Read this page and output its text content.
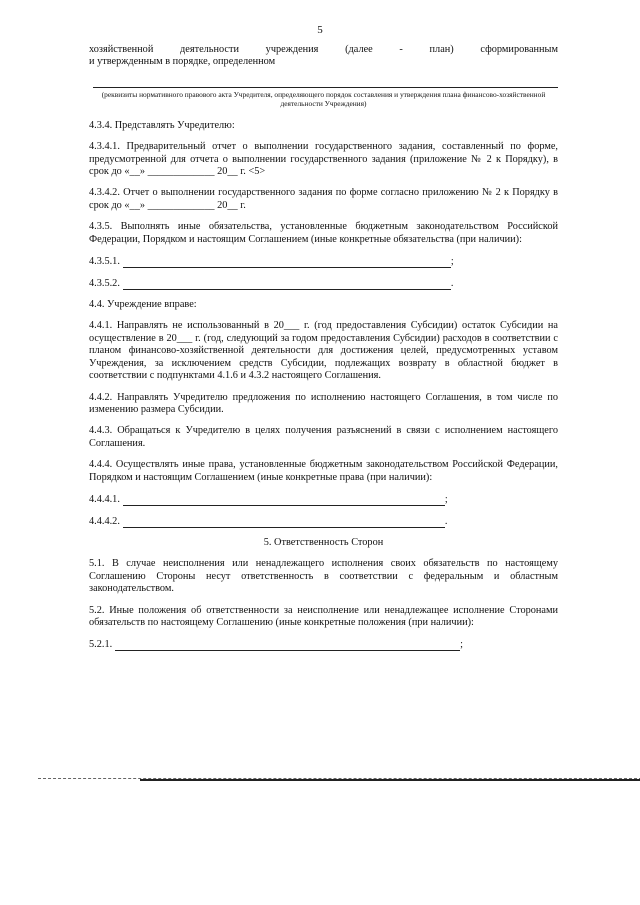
5

хозяйственной деятельности учреждения (далее - план) сформированным

и утвержденным в порядке, определенном

(реквизиты нормативного правового акта Учредителя, определяющего порядок составления и утверждения плана финансово-хозяйственной деятельности Учреждения)

4.3.4. Представлять Учредителю:

4.3.4.1. Предварительный отчет о выполнении государственного задания, составленный по форме, предусмотренной для отчета о выполнении государственного задания (приложение № 2 к Порядку), в срок до «__» _____________ 20__ г. <5>

4.3.4.2. Отчет о выполнении государственного задания по форме согласно приложению № 2 к Порядку в срок до «__» _____________ 20__ г.

4.3.5. Выполнять иные обязательства, установленные бюджетным законодательством Российской Федерации, Порядком и настоящим Соглашением (иные конкретные обязательства (при наличии):

4.3.5.1.	;
4.3.5.2.	.

4.4. Учреждение вправе:

4.4.1. Направлять не использованный в 20___ г. (год предоставления Субсидии) остаток Субсидии на осуществление в 20___ г. (год, следующий за годом предоставления Субсидии) расходов в соответствии с планом финансово-хозяйственной деятельности для достижения целей, предусмотренных уставом Учреждения, за исключением средств Субсидии, подлежащих возврату в областной бюджет в соответствии с подпунктами 4.1.6 и 4.3.2 настоящего Соглашения.

4.4.2. Направлять Учредителю предложения по исполнению настоящего Соглашения, в том числе по изменению размера Субсидии.

4.4.3. Обращаться к Учредителю в целях получения разъяснений в связи с исполнением настоящего Соглашения.

4.4.4. Осуществлять иные права, установленные бюджетным законодательством Российской Федерации, Порядком и настоящим Соглашением (иные конкретные права (при наличии):

4.4.4.1.	;
4.4.4.2.	.

5. Ответственность Сторон

5.1. В случае неисполнения или ненадлежащего исполнения своих обязательств по настоящему Соглашению Стороны несут ответственность в соответствии с федеральным и областным законодательством.

5.2. Иные положения об ответственности за неисполнение или ненадлежащее исполнение Сторонами обязательств по настоящему Соглашению (иные конкретные положения (при наличии):

5.2.1.	;
